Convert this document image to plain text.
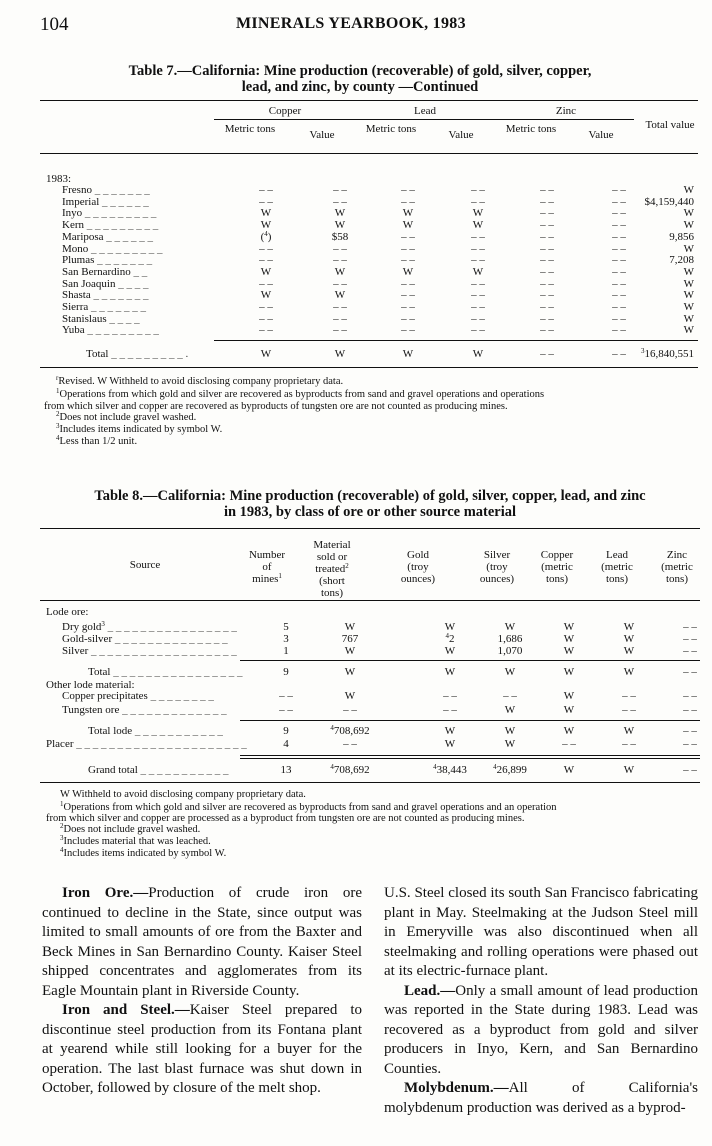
104	MINERALS YEARBOOK, 1983
Table 7.—California: Mine production (recoverable) of gold, silver, copper,
lead, and zinc, by county —Continued
Copper	Lead	Zinc
Metric tons	Value	Metric tons	Value	Metric tons	Value
Total value
1983:
Fresno _ _ _ _ _ _ _	– –	– –	– –	– –	– –	– –	W
Imperial _ _ _ _ _ _	– –	– –	– –	– –	– –	– –	$4,159,440
Inyo _ _ _ _ _ _ _ _ _	W	W	W	W	– –	– –	W
Kern _ _ _ _ _ _ _ _ _	W	W	W	W	– –	– –	W
Mariposa _ _ _ _ _ _	($^4$)	$58	– –	– –	– –	– –	9,856
Mono _ _ _ _ _ _ _ _ _	– –	– –	– –	– –	– –	– –	W
Plumas _ _ _ _ _ _ _	– –	– –	– –	– –	– –	– –	7,208
San Bernardino _ _	W	W	W	W	– –	– –	W
San Joaquin _ _ _ _	– –	– –	– –	– –	– –	– –	W
Shasta _ _ _ _ _ _ _	W	W	– –	– –	– –	– –	W
Sierra _ _ _ _ _ _ _	– –	– –	– –	– –	– –	– –	W
Stanislaus _ _ _ _	– –	– –	– –	– –	– –	– –	W
Yuba _ _ _ _ _ _ _ _ _	– –	– –	– –	– –	– –	– –	W
Total _ _ _ _ _ _ _ _ _ .	W	W	W	W	– –	– –	$^3$16,840,551
$^r$Revised. W Withheld to avoid disclosing company proprietary data.
$^1$Operations from which gold and silver are recovered as byproducts from sand and gravel operations and operations
from which silver and copper are recovered as byproducts of tungsten ore are not counted as producing mines.
$^2$Does not include gravel washed.
$^3$Includes items indicated by symbol W.
$^4$Less than 1/2 unit.
Table 8.—California: Mine production (recoverable) of gold, silver, copper, lead, and zinc
in 1983, by class of ore or other source material
Source
Number
of
mines$^1$
Material
sold or
treated$^2$
(short
tons)
Gold
(troy
ounces)
Silver
(troy
ounces)
Copper
(metric
tons)
Lead
(metric
tons)
Zinc
(metric
tons)
Lode ore:
Dry gold$^3$ _ _ _ _ _ _ _ _ _ _ _ _ _ _ _ _	5	W	W	W	W	W	– –
Gold-silver _ _ _ _ _ _ _ _ _ _ _ _ _ _	3	767	$^4$2	1,686	W	W	– –
Silver _ _ _ _ _ _ _ _ _ _ _ _ _ _ _ _ _ _	1	W	W	1,070	W	W	– –
Total _ _ _ _ _ _ _ _ _ _ _ _ _ _ _ _	9	W	W	W	W	W	– –
Other lode material:
Copper precipitates _ _ _ _ _ _ _ _	– –	W	– –	– –	W	– –	– –
Tungsten ore _ _ _ _ _ _ _ _ _ _ _ _ _	– –	– –	– –	W	W	– –	– –
Total lode _ _ _ _ _ _ _ _ _ _ _	9	$^4$708,692	W	W	W	W	– –
Placer _ _ _ _ _ _ _ _ _ _ _ _ _ _ _ _ _ _ _ _ _	4	– –	W	W	– –	– –	– –
Grand total _ _ _ _ _ _ _ _ _ _ _	13	$^4$708,692	$^4$38,443	$^4$26,899	W	W	– –
W Withheld to avoid disclosing company proprietary data.
$^1$Operations from which gold and silver are recovered as byproducts from sand and gravel operations and an operation
from which silver and copper are processed as a byproduct from tungsten ore are not counted as producing mines.
$^2$Does not include gravel washed.
$^3$Includes material that was leached.
$^4$Includes items indicated by symbol W.

Iron Ore.—Production of crude iron ore continued to decline in the State, since output was limited to small amounts of ore from the Baxter and Beck Mines in San Bernardino County. Kaiser Steel shipped concentrates and agglomerates from its Eagle Mountain plant in Riverside County.

Iron and Steel.—Kaiser Steel prepared to discontinue steel production from its Fontana plant at yearend while still looking for a buyer for the operation. The last blast furnace was shut down in October, followed by closure of the melt shop.

U.S. Steel closed its south San Francisco fabricating plant in May. Steelmaking at the Judson Steel mill in Emeryville was also discontinued when all steelmaking and rolling operations were phased out at its electric-furnace plant.

Lead.—Only a small amount of lead production was reported in the State during 1983. Lead was recovered as a byproduct from gold and silver producers in Inyo, Kern, and San Bernardino Counties.

Molybdenum.—All of California's molybdenum production was derived as a byprod-
